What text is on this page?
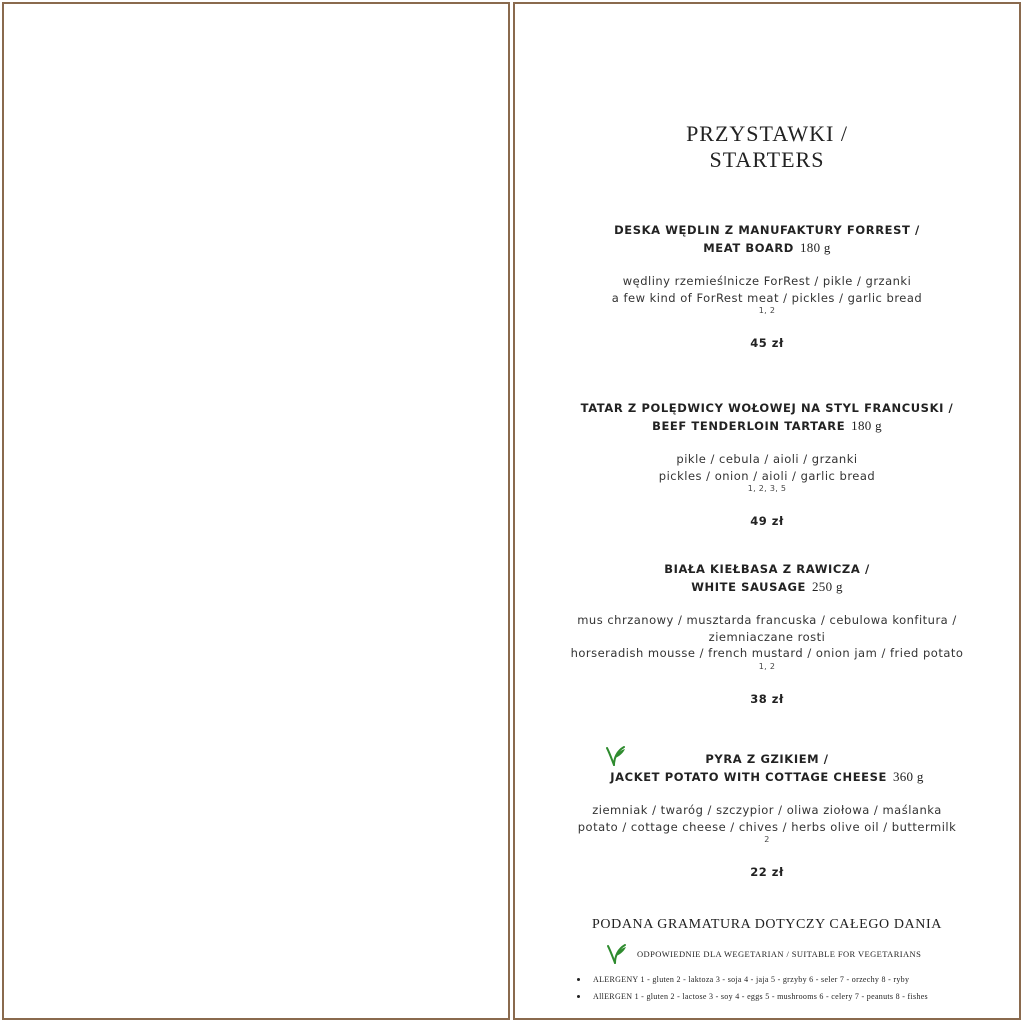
PRZYSTAWKI /
STARTERS
DESKA WĘDLIN Z MANUFAKTURY FORREST /
MEAT BOARD 180 g
wędliny rzemieślnicze ForRest / pikle / grzanki
a few kind of ForRest meat / pickles / garlic bread
1, 2
45 zł
TATAR Z POLĘDWICY WOŁOWEJ NA STYL FRANCUSKI /
BEEF TENDERLOIN TARTARE 180 g
pikle / cebula / aioli / grzanki
pickles / onion / aioli / garlic bread
1, 2, 3, 5
49 zł
BIAŁA KIEŁBASA Z RAWICZA /
WHITE SAUSAGE 250 g
mus chrzanowy / musztarda francuska / cebulowa konfitura / ziemniaczane rosti
horseradish mousse / french mustard / onion jam / fried potato
1, 2
38 zł
PYRA Z GZIKIEM /
JACKET POTATO WITH COTTAGE CHEESE 360 g
ziemniak / twaróg / szczypior / oliwa ziołowa / maślanka
potato / cottage cheese / chives / herbs olive oil / buttermilk
2
22 zł
PODANA GRAMATURA DOTYCZY CAŁEGO DANIA
ODPOWIEDNIE DLA WEGETARIAN / SUITABLE FOR VEGETARIANS
ALERGENY 1 - gluten 2 - laktoza 3 - soja 4 - jaja 5 - grzyby 6 - seler 7 - orzechy 8 - ryby
AllERGEN 1 - gluten 2 - lactose 3 - soy 4 - eggs 5 - mushrooms 6 - celery 7 - peanuts 8 - fishes
